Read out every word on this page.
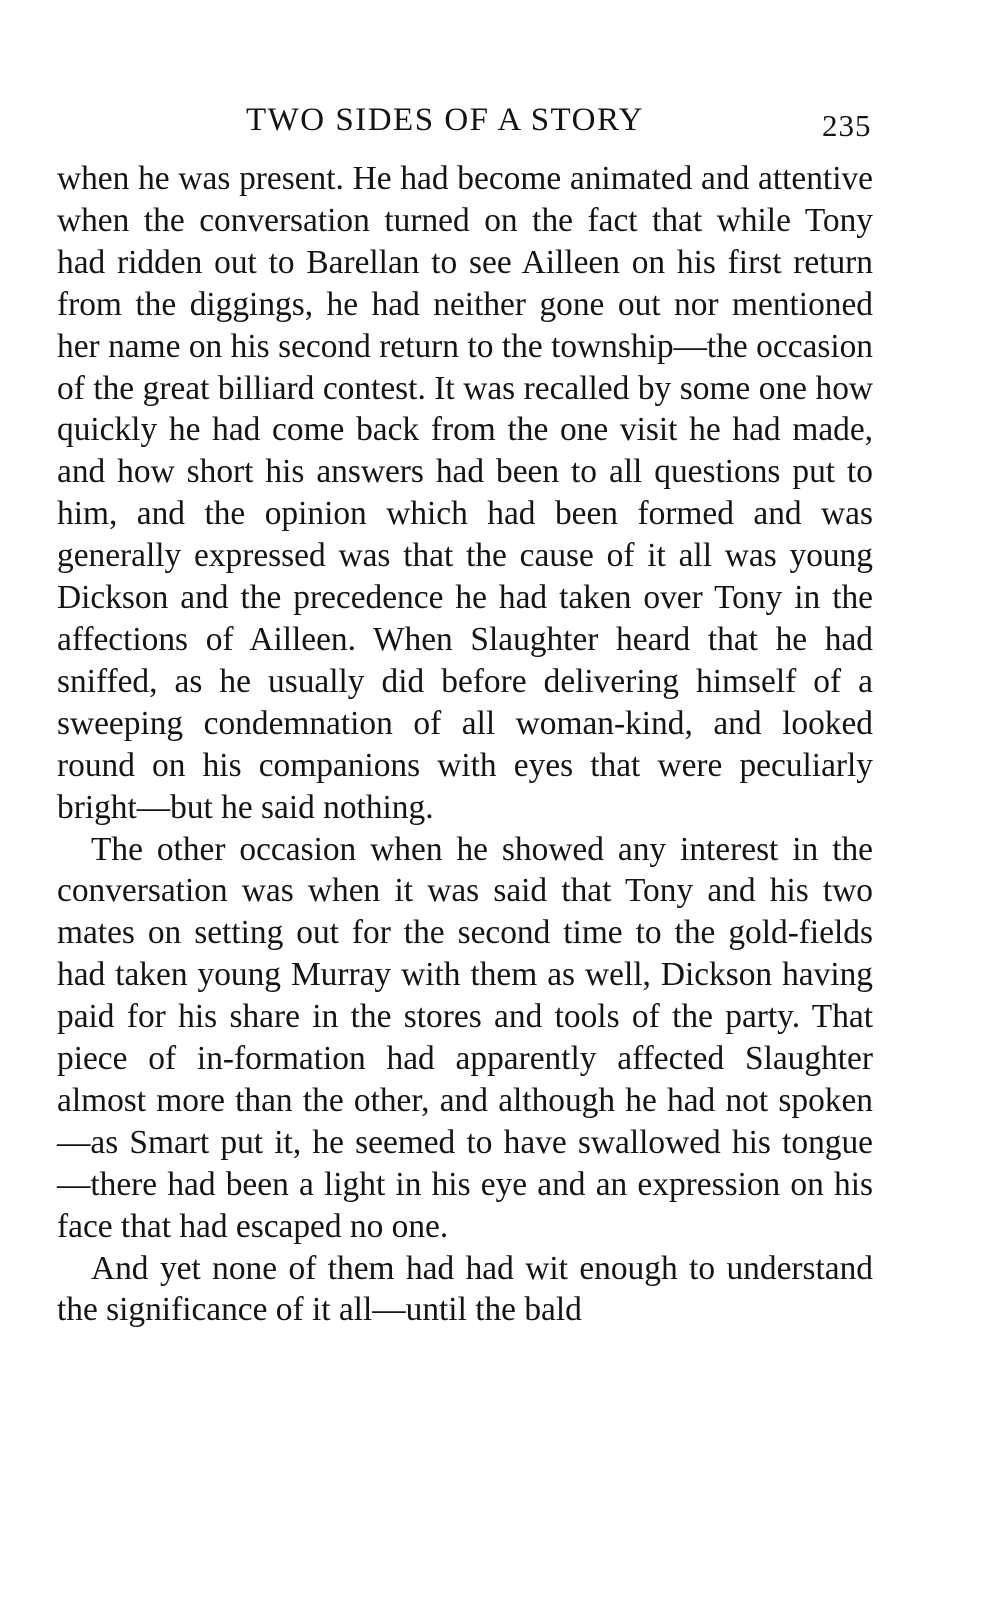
TWO SIDES OF A STORY	235

when he was present. He had become animated and attentive when the conversation turned on the fact that while Tony had ridden out to Barellan to see Ailleen on his first return from the diggings, he had neither gone out nor mentioned her name on his second return to the township—the occasion of the great billiard contest. It was recalled by some one how quickly he had come back from the one visit he had made, and how short his answers had been to all questions put to him, and the opinion which had been formed and was generally expressed was that the cause of it all was young Dickson and the precedence he had taken over Tony in the affections of Ailleen. When Slaughter heard that he had sniffed, as he usually did before delivering himself of a sweeping condemnation of all woman-kind, and looked round on his companions with eyes that were peculiarly bright—but he said nothing.

The other occasion when he showed any interest in the conversation was when it was said that Tony and his two mates on setting out for the second time to the gold-fields had taken young Murray with them as well, Dickson having paid for his share in the stores and tools of the party. That piece of in-formation had apparently affected Slaughter almost more than the other, and although he had not spoken—as Smart put it, he seemed to have swallowed his tongue—there had been a light in his eye and an expression on his face that had escaped no one.

And yet none of them had had wit enough to understand the significance of it all—until the bald
